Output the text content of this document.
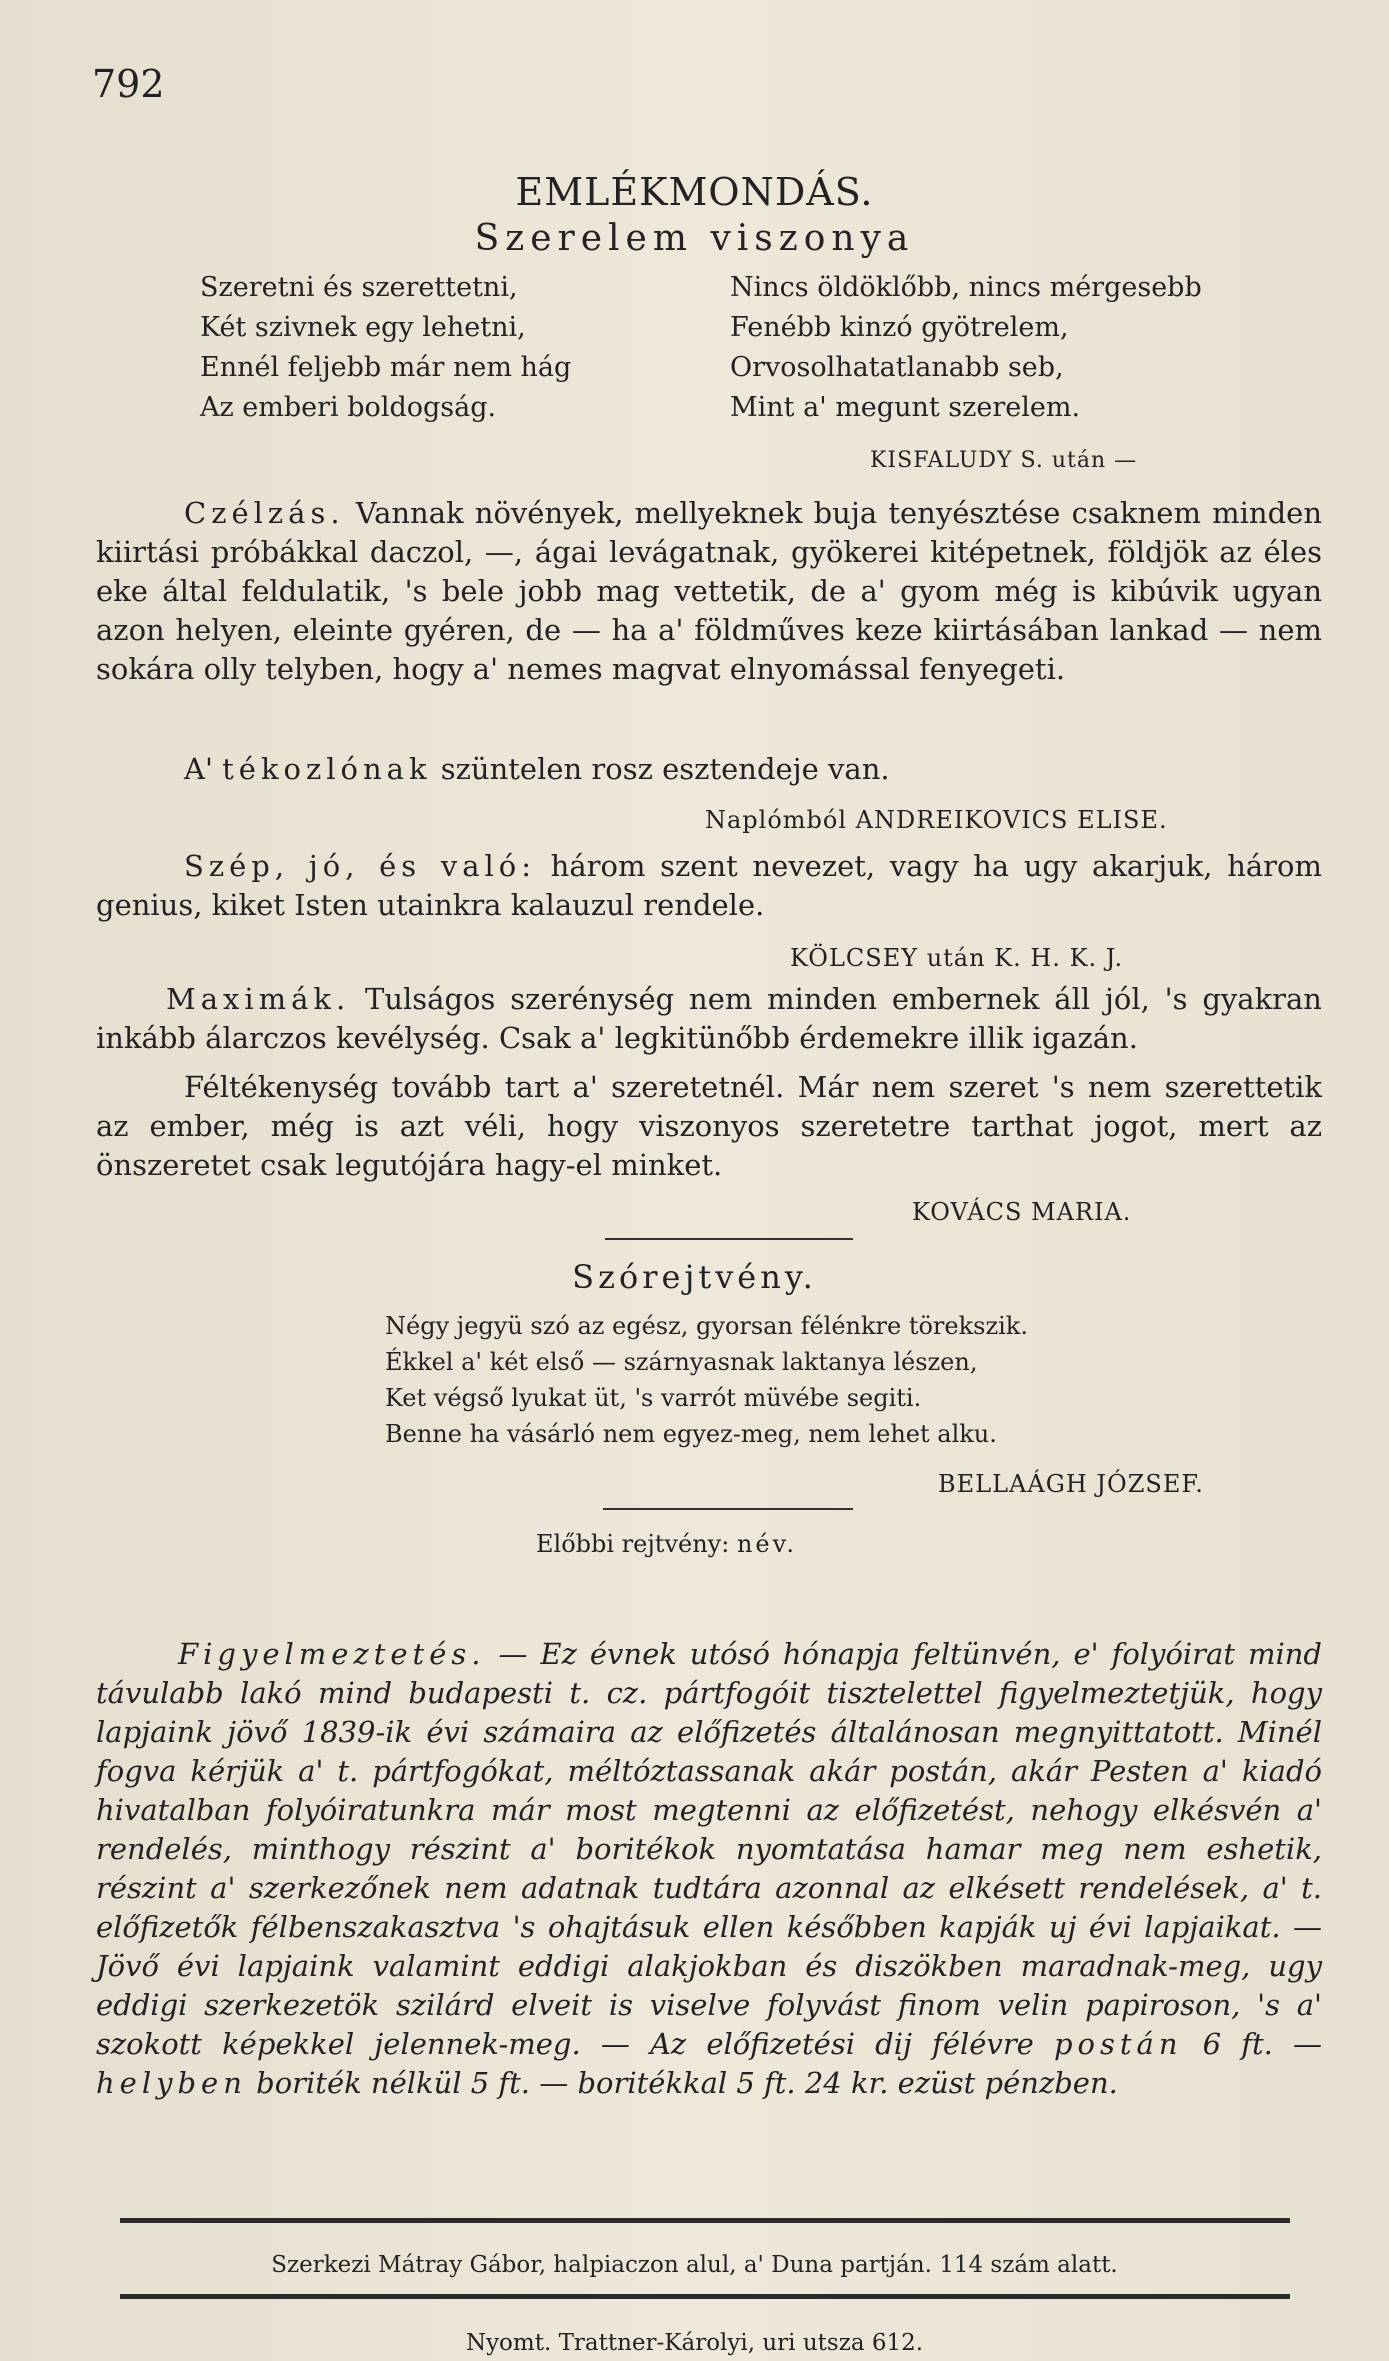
792
EMLÉKMONDÁS.
Szerelem viszonya
Szeretni és szerettetni,
Két szivnek egy lehetni,
Ennél feljebb már nem hág
Az emberi boldogság.
Nincs öldöklőbb, nincs mérgesebb
Fenébb kinzó gyötrelem,
Orvosolhatatlanabb seb,
Mint a' megunt szerelem.
KISFALUDY S. után —
Czélzás. Vannak növények, mellyeknek buja tenyésztése csaknem minden kiirtási próbákkal daczol, —, ágai levágatnak, gyökerei kitépetnek, földjök az éles eke által feldulatik, 's bele jobb mag vettetik, de a' gyom még is kibúvik ugyan azon helyen, eleinte gyéren, de — ha a' földműves keze kiirtásában lankad — nem sokára olly telyben, hogy a' nemes magvat elnyomással fenyegeti.
A' tékozlónak szüntelen rosz esztendeje van.
Naplómból ANDREIKOVICS ELISE.
Szép, jó, és való: három szent nevezet, vagy ha ugy akarjuk, három genius, kiket Isten utainkra kalauzul rendele.
KÖLCSEY után K. H. K. J.
Maximák. Tulságos szerénység nem minden embernek áll jól, 's gyakran inkább álarczos kevélység. Csak a' legkitünőbb érdemekre illik igazán.
Féltékenység tovább tart a' szeretetnél. Már nem szeret 's nem szerettetik az ember, még is azt véli, hogy viszonyos szeretetre tarthat jogot, mert az önszeretet csak legutójára hagy-el minket.
KOVÁCS MARIA.
Szórejtvény.
Négy jegyü szó az egész, gyorsan félénkre törekszik.
Ékkel a' két első — szárnyasnak laktanya lészen,
Ket végső lyukat üt, 's varrót müvébe segiti.
Benne ha vásárló nem egyez-meg, nem lehet alku.
BELLAÁGH JÓZSEF.
Előbbi rejtvény: név.
Figyelmeztetés. — Ez évnek utósó hónapja feltünvén, e' folyóirat mind távulabb lakó mind budapesti t. cz. pártfogóit tisztelettel figyelmeztetjük, hogy lapjaink jövő 1839-ik évi számaira az előfizetés általánosan megnyittatott. Minél fogva kérjük a' t. pártfogókat, méltóztassanak akár postán, akár Pesten a' kiadó hivatalban folyóiratunkra már most megtenni az előfizetést, nehogy elkésvén a' rendelés, minthogy részint a' boritékok nyomtatása hamar meg nem eshetik, részint a' szerkezőnek nem adatnak tudtára azonnal az elkésett rendelések, a' t. előfizetők félbenszakasztva 's ohajtásuk ellen későbben kapják uj évi lapjaikat. — Jövő évi lapjaink valamint eddigi alakjokban és diszökben maradnak-meg, ugy eddigi szerkezetök szilárd elveit is viselve folyvást finom velin papiroson, 's a' szokott képekkel jelennek-meg. — Az előfizetési dij félévre postán 6 ft. — helyben boriték nélkül 5 ft. — boritékkal 5 ft. 24 kr. ezüst pénzben.
Szerkezi Mátray Gábor, halpiaczon alul, a' Duna partján. 114 szám alatt.
Nyomt. Trattner-Károlyi, uri utsza 612.
